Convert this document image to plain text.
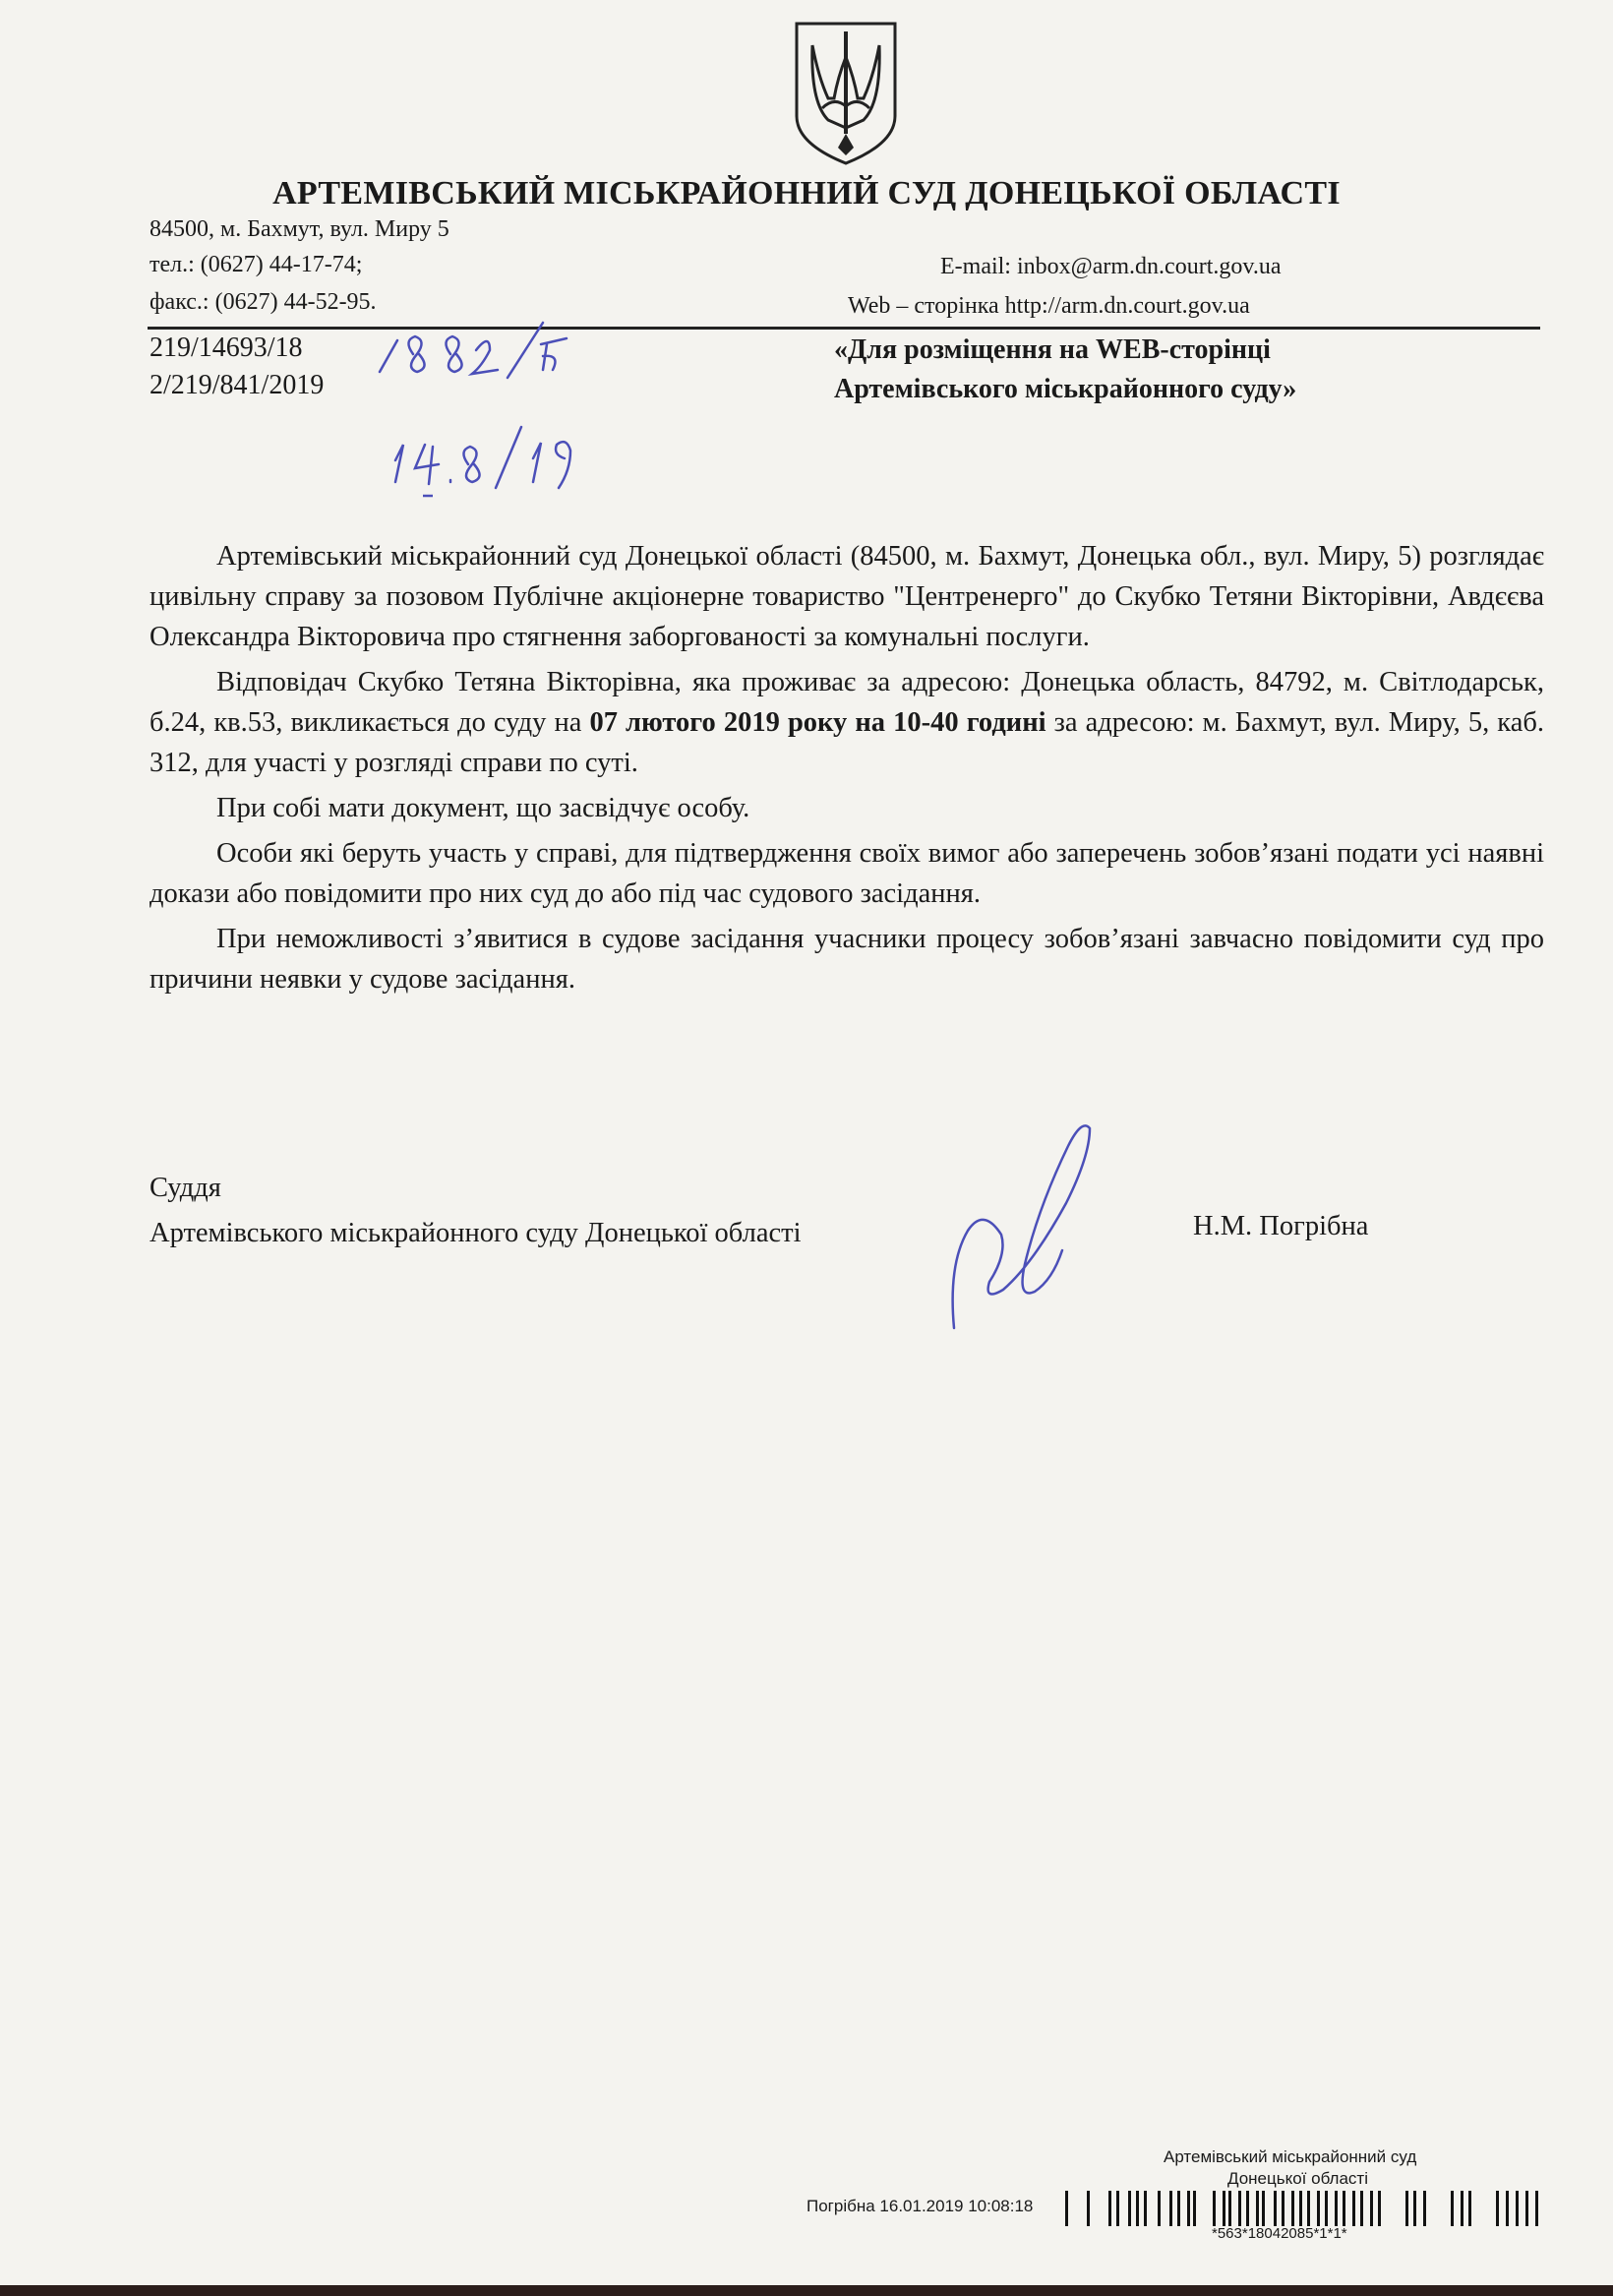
АРТЕМІВСЬКИЙ МІСЬКРАЙОННИЙ СУД ДОНЕЦЬКОЇ ОБЛАСТІ
84500, м. Бахмут, вул. Миру 5
тел.: (0627) 44-17-74;
факс.: (0627) 44-52-95.
E-mail: inbox@arm.dn.court.gov.ua
Web – сторінка http://arm.dn.court.gov.ua
219/14693/18
2/219/841/2019
«Для розміщення на WEB-сторінці
Артемівського міськрайонного суду»

Артемівський міськрайонний суд Донецької області (84500, м. Бахмут, Донецька обл., вул. Миру, 5) розглядає цивільну справу за позовом Публічне акціонерне товариство "Центренерго" до Скубко Тетяни Вікторівни, Авдєєва Олександра Вікторовича про стягнення заборгованості за комунальні послуги.

Відповідач Скубко Тетяна Вікторівна, яка проживає за адресою: Донецька область, 84792, м. Світлодарськ, б.24, кв.53, викликається до суду на 07 лютого 2019 року на 10-40 годині за адресою: м. Бахмут, вул. Миру, 5, каб. 312, для участі у розгляді справи по суті.

При собі мати документ, що засвідчує особу.

Особи які беруть участь у справі, для підтвердження своїх вимог або заперечень зобов’язані подати усі наявні докази або повідомити про них суд до або під час судового засідання.

При неможливості з’явитися в судове засідання учасники процесу зобов’язані завчасно повідомити суд про причини неявки у судове засідання.

Суддя
Артемівського міськрайонного суду Донецької області	Н.М. Погрібна
Артемівський міськрайонний суд
Донецької області
Погрібна 16.01.2019 10:08:18
*563*18042085*1*1*
